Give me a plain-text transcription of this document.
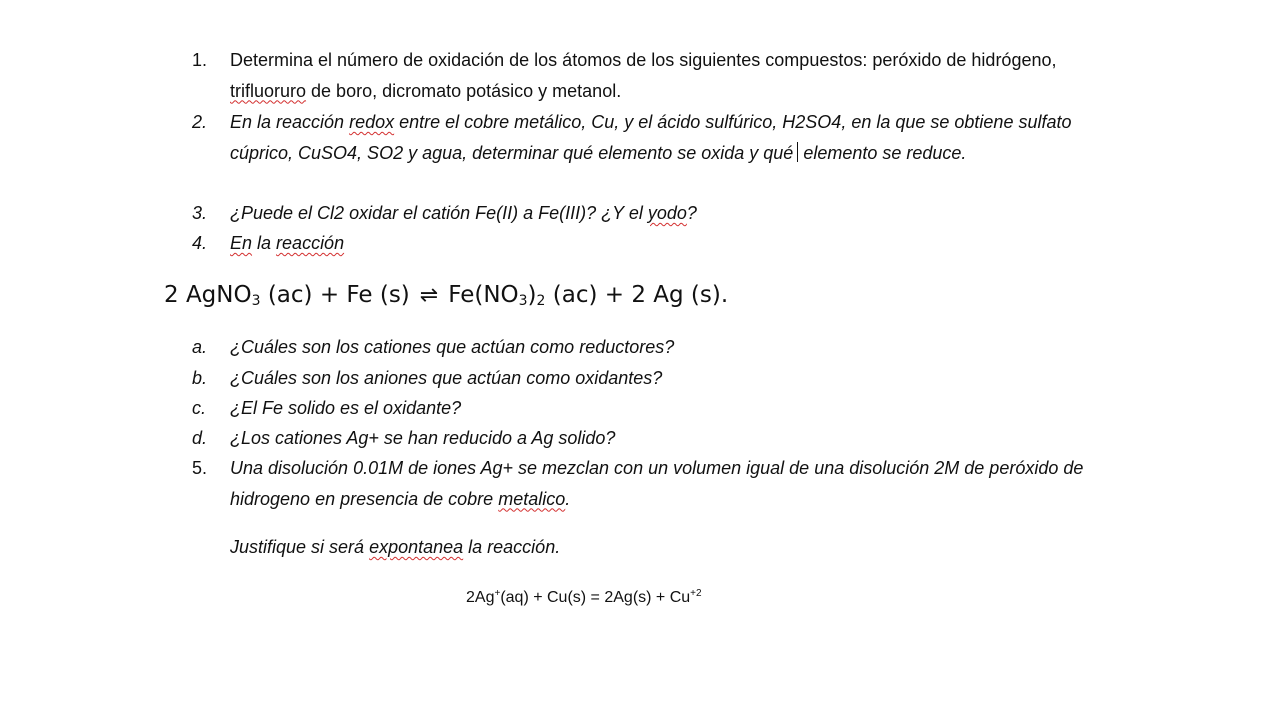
1.	Determina el número de oxidación de los átomos de los siguientes compuestos: peróxido de hidrógeno, trifluoruro de boro, dicromato potásico y metanol.
2.	En la reacción redox entre el cobre metálico, Cu, y el ácido sulfúrico, H2SO4, en la que se obtiene sulfato cúprico, CuSO4, SO2 y agua, determinar qué elemento se oxida y qué elemento se reduce.
3.	¿Puede el Cl2 oxidar el catión Fe(II) a Fe(III)? ¿Y el yodo?
4.	En la reacción
2 AgNO$_3$ (ac) + Fe (s) ⇌ $Fe(NO_3)_2$ (ac) + 2 Ag (s).
a.	¿Cuáles son los cationes que actúan como reductores?
b.	¿Cuáles son los aniones que actúan como oxidantes?
c.	¿El Fe solido es el oxidante?
d.	¿Los cationes Ag+ se han reducido a Ag solido?
5.	Una disolución 0.01M de iones Ag+ se mezclan con un volumen igual de una disolución 2M de peróxido de hidrogeno en presencia de cobre metalico.
Justifique si será expontanea la reacción.
$2Ag^+(aq) + Cu(s) = 2Ag(s) + Cu^{+2}$
